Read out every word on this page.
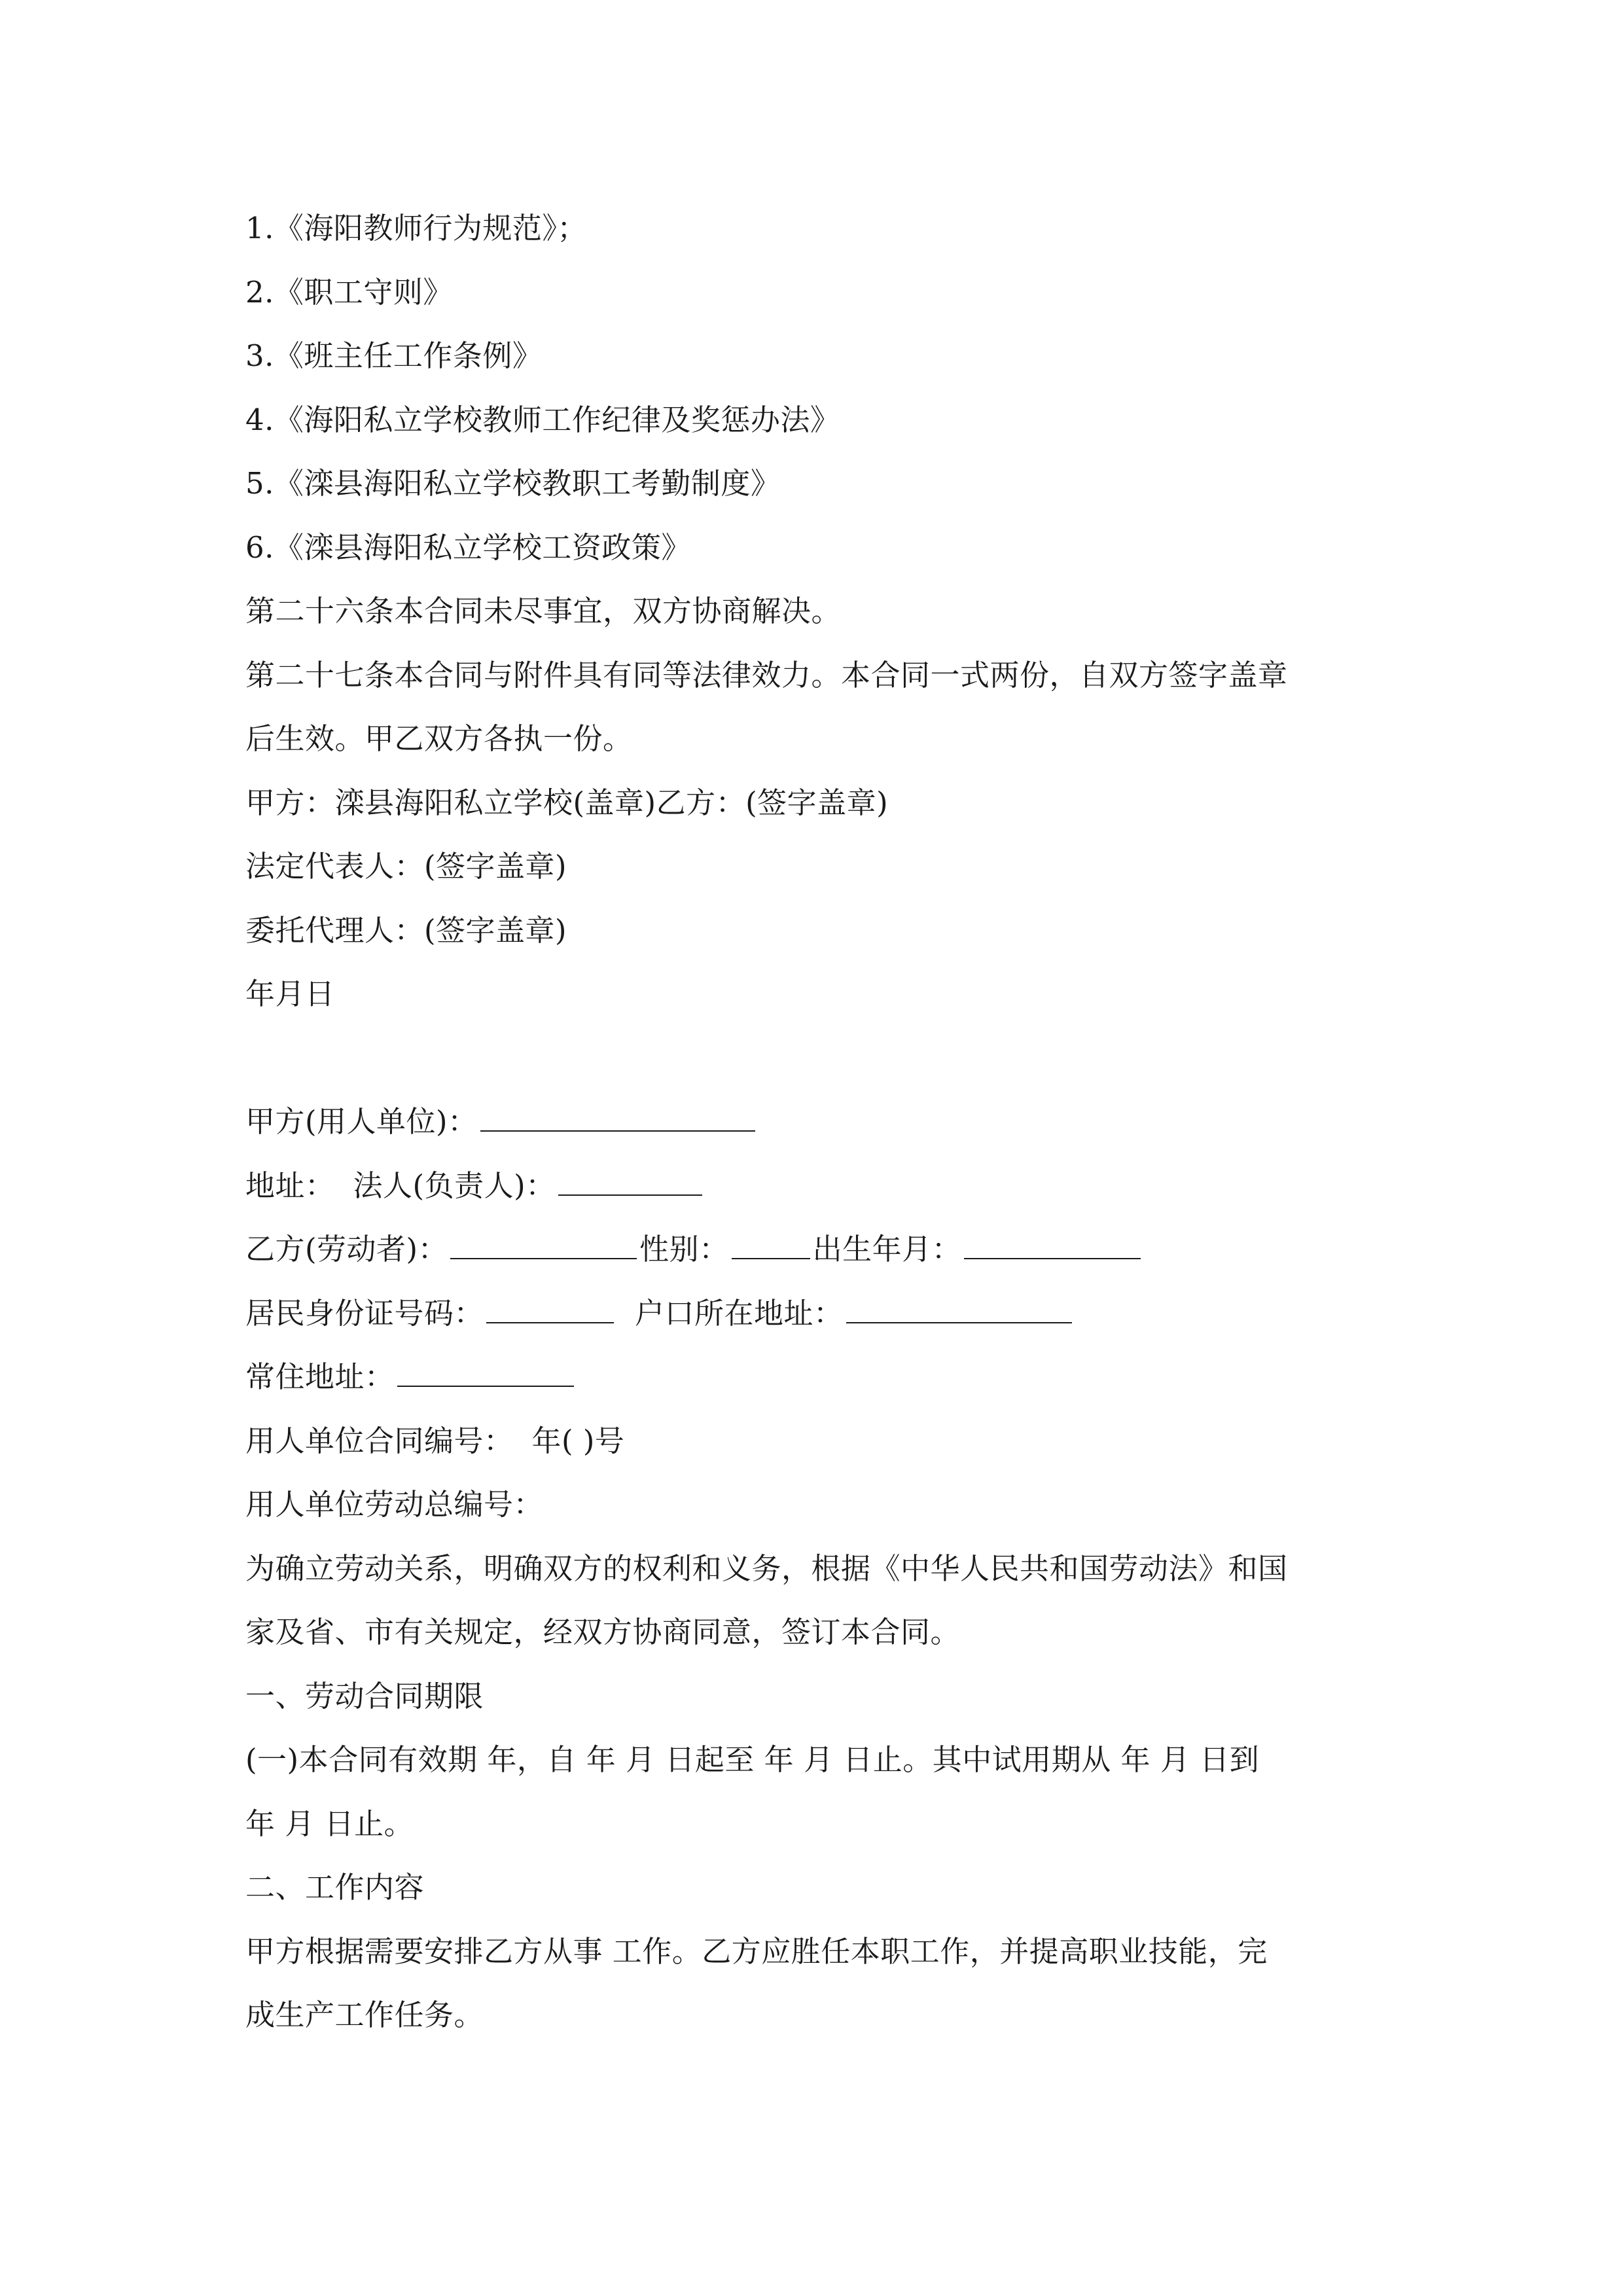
1.《海阳教师行为规范》；
2.《职工守则》
3.《班主任工作条例》
4.《海阳私立学校教师工作纪律及奖惩办法》
5.《滦县海阳私立学校教职工考勤制度》
6.《滦县海阳私立学校工资政策》
第二十六条本合同未尽事宜，双方协商解决。
第二十七条本合同与附件具有同等法律效力。本合同一式两份，自双方签字盖章
后生效。甲乙双方各执一份。
甲方：滦县海阳私立学校(盖章)乙方：(签字盖章)
法定代表人：(签字盖章)
委托代理人：(签字盖章)
年月日
甲方(用人单位)：
地址： 法人(负责人)：
乙方(劳动者)：	性别：	出生年月：
居民身份证号码：	户口所在地址：
常住地址：
用人单位合同编号： 年( )号
用人单位劳动总编号：
为确立劳动关系，明确双方的权利和义务，根据《中华人民共和国劳动法》和国
家及省、市有关规定，经双方协商同意，签订本合同。
一、劳动合同期限
(一)本合同有效期 年，自 年 月 日起至 年 月 日止。其中试用期从 年 月 日到
年 月 日止。
二、工作内容
甲方根据需要安排乙方从事 工作。乙方应胜任本职工作，并提高职业技能，完
成生产工作任务。
